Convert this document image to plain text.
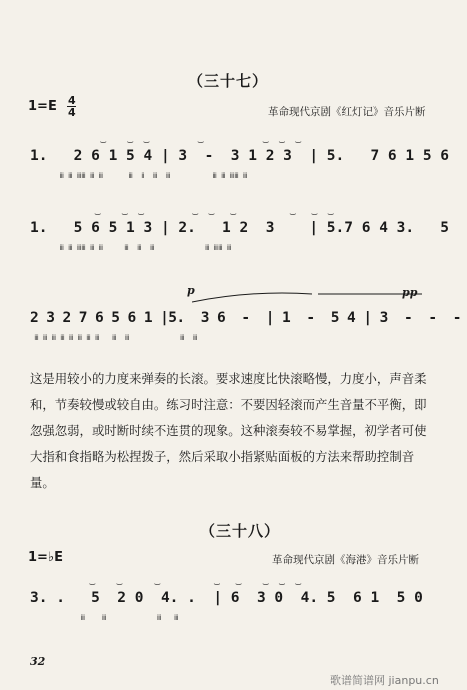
（三十七）
$1=E \frac{4}{4}$	革命现代京剧《红灯记》音乐片断
‿    ‿  ‿         ‿           ‿  ‿  ‿
1.   2 6 1 5 4 | 3  -  3 1 2 3  | 5.   7 6 1 5 6
ⅲ ⅲ ⅲⅲ ⅲ ⅲ      ⅲ  ⅱ  ⅲ  ⅲ          ⅲ ⅲ ⅲⅲ ⅲ
‿    ‿  ‿         ‿  ‿   ‿          ‿   ‿  ‿
1.   5 6 5 1 3 | 2.   1 2  3    | 5.7 6 4 3.   5
ⅲ ⅲ ⅲⅲ ⅲ ⅲ     ⅲ  ⅲ  ⅲ            ⅲ ⅲⅲ ⅲ
p	pp
2 3 2 7 6 5 6 1 |5.  3 6  -  | 1  -  5 4 | 3  -  -  -
ⅲ ⅲ ⅲ ⅲ ⅲ ⅲ ⅲ ⅲ   ⅲ  ⅲ            ⅲ  ⅲ
这是用较小的力度来弹奏的长滚。要求速度比快滚略慢，力度小，声音柔和，节奏较慢或较自由。练习时注意：不要因轻滚而产生音量不平衡，即忽强忽弱，或时断时续不连贯的现象。这种滚奏较不易掌握，初学者可使大指和食指略为松捏拨子，然后采取小指紧贴面板的方法来帮助控制音量。
（三十八）
1=♭E	革命现代京剧《海港》音乐片断
‿    ‿      ‿          ‿   ‿    ‿  ‿  ‿
3. .   5  2 0  4. .  | 6  3 0  4. 5  6 1  5 0
ⅲ    ⅲ            ⅲ   ⅲ
32
歌谱简谱网 jianpu.cn
